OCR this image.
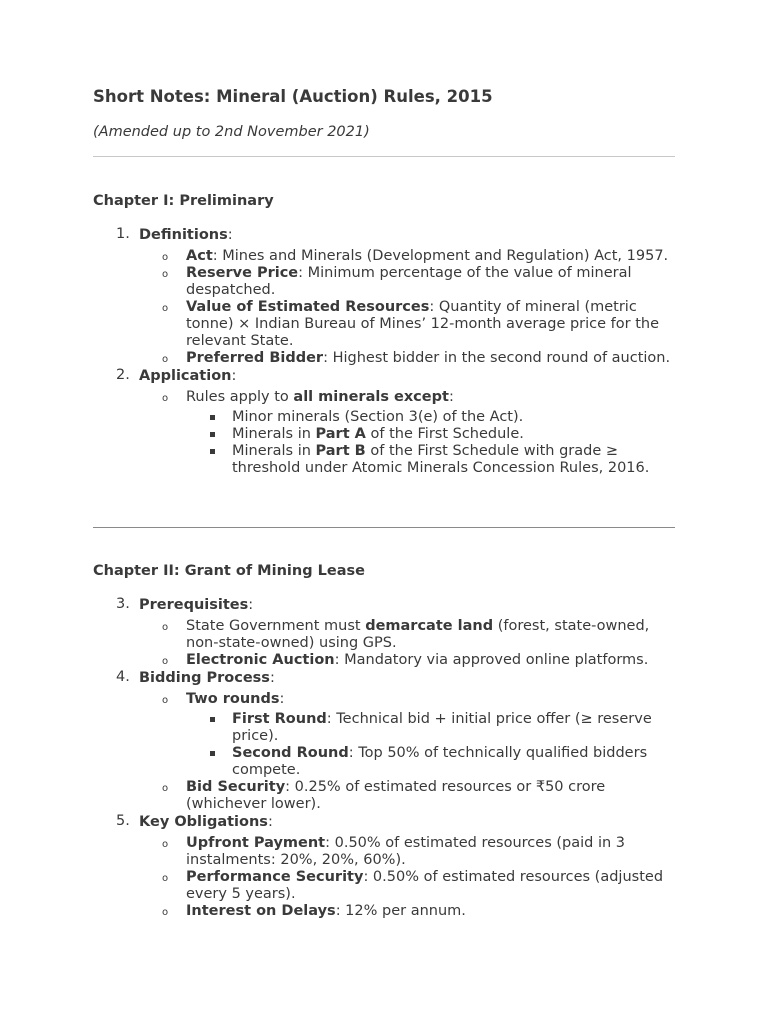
Short Notes: Mineral (Auction) Rules, 2015
(Amended up to 2nd November 2021)
Chapter I: Preliminary
1. Definitions:
o Act: Mines and Minerals (Development and Regulation) Act, 1957.
o Reserve Price: Minimum percentage of the value of mineral despatched.
o Value of Estimated Resources: Quantity of mineral (metric tonne) × Indian Bureau of Mines’ 12-month average price for the relevant State.
o Preferred Bidder: Highest bidder in the second round of auction.
2. Application:
o Rules apply to all minerals except:
Minor minerals (Section 3(e) of the Act).
Minerals in Part A of the First Schedule.
Minerals in Part B of the First Schedule with grade ≥ threshold under Atomic Minerals Concession Rules, 2016.
Chapter II: Grant of Mining Lease
3. Prerequisites:
o State Government must demarcate land (forest, state-owned, non-state-owned) using GPS.
o Electronic Auction: Mandatory via approved online platforms.
4. Bidding Process:
o Two rounds:
First Round: Technical bid + initial price offer (≥ reserve price).
Second Round: Top 50% of technically qualified bidders compete.
o Bid Security: 0.25% of estimated resources or ₹50 crore (whichever lower).
5. Key Obligations:
o Upfront Payment: 0.50% of estimated resources (paid in 3 instalments: 20%, 20%, 60%).
o Performance Security: 0.50% of estimated resources (adjusted every 5 years).
o Interest on Delays: 12% per annum.
